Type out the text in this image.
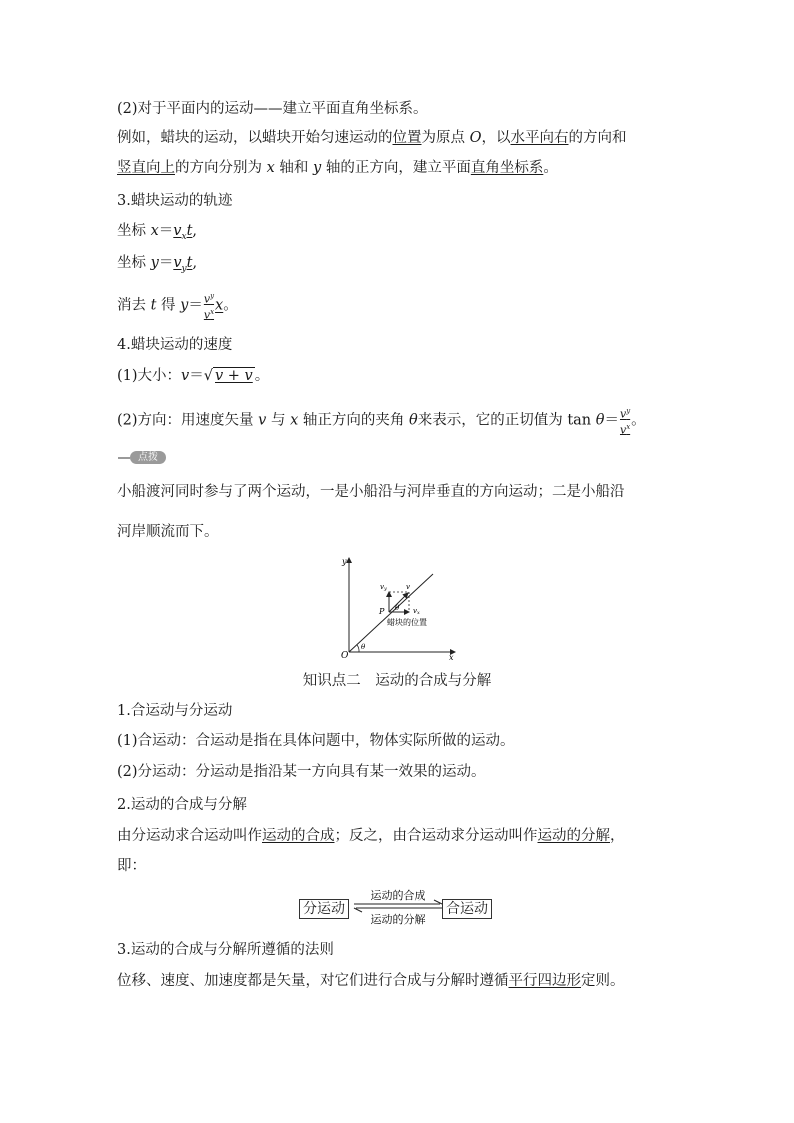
(2)对于平面内的运动——建立平面直角坐标系。
例如，蜡块的运动，以蜡块开始匀速运动的位置为原点 O，以水平向右的方向和
竖直向上的方向分别为 x 轴和 y 轴的正方向，建立平面直角坐标系。
3.蜡块运动的轨迹
坐标 $x=v_xt$,
坐标 $y=v_yt$,
消去 t 得 $y= \frac{v^y}{v^x}$ x。
4.蜡块运动的速度
(1)大小：v＝√ v + v 。
(2)方向：用速度矢量 v 与 x 轴正方向的夹角 θ来表示，它的正切值为 $\tan \theta= \frac{v^y}{v^x}$ 。
点拨
小船渡河同时参与了两个运动，一是小船沿与河岸垂直的方向运动；二是小船沿
河岸顺流而下。
y
x
O
θ
θ
P
vy	v
vx
蜡块的位置
知识点二　运动的合成与分解
1.合运动与分运动
(1)合运动：合运动是指在具体问题中，物体实际所做的运动。
(2)分运动：分运动是指沿某一方向具有某一效果的运动。
2.运动的合成与分解
由分运动求合运动叫作运动的合成；反之，由合运动求分运动叫作运动的分解，
即：
分运动	合运动
运动的合成
运动的分解
3.运动的合成与分解所遵循的法则
位移、速度、加速度都是矢量，对它们进行合成与分解时遵循平行四边形定则。
